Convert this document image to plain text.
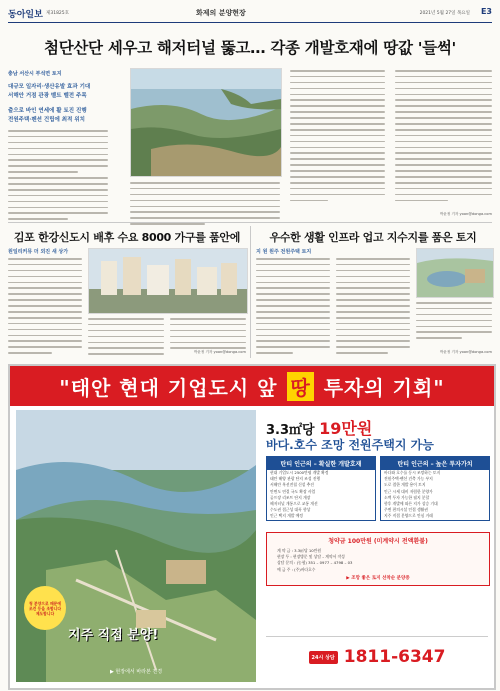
동아일보 제31825호	화제의 분양현장	2021년 5월 27일 목요일 E3
첨단산단 세우고 해저터널 뚫고… 각종 개발호재에 땅값 '들썩'
충남 서산시 부석면 토지
대규모 일자리·생산유발 효과 기대
서해안 거점 관광 벨트 벨전 주목
출으로 바인 연세에 활 토진 진행
전원주택·펜션 건립에 최적 위치
박윤정 기자 yoon@donga.com
김포 한강신도시 배후 수요 8000 가구를 품안에
원일리커뮤 더 외진 새 상가
박윤정 기자 yoon@donga.com
우수한 생활 인프라 업고 지수지를 품은 토지
지 원 원주 전원주택 토지
박윤정 기자 yoon@donga.com
"태안 현대 기업도시 앞 땅 투자의 기회"
청 분양으로 때문에 조건 등을 조합니다 제도합니다
지주 직접 분양!
▶ 현장에서 바라본 전경
3.3㎡당 19만원
바다.호수 조망 전원주택지 가능
탄티 인근의 – 확실한 개발호재
현대 기업도시 2500만평 개발 확정
태안 해양 관광 단지 조성 진행
서해안 복선전철 신설 추진
안면도 연결 국도 확장 사업
골프장 리조트 단지 개장
해저터널 개통으로 교통 개선
수도권 접근성 대폭 향상
인근 택지 개발 예정
탄티 인근의 – 높은 투자가치
바다와 호수를 동시 조망하는 토지
전원주택·펜션 건축 가능 부지
도로 접한 개발 용이 토지
인근 시세 대비 저렴한 분양가
소액 투자 가능한 필지 분할
향후 개발에 따른 지가 상승 기대
주변 편의시설 인접 생활권
지주 직접 분양으로 안심 거래
청약금 100만원 (미계약시 전액환불)
계 약 금 : 3.3㎡당 10만원
현장 투 : 현장방문 및 상담 – 계약서 작성
상담 문의 : (농협) 351 – 0977 – 4798 – 03
예 금 주 : (주)바다호수
▶ 조망 좋은 토지 선착순 분양중
24시 상담 1811-6347
